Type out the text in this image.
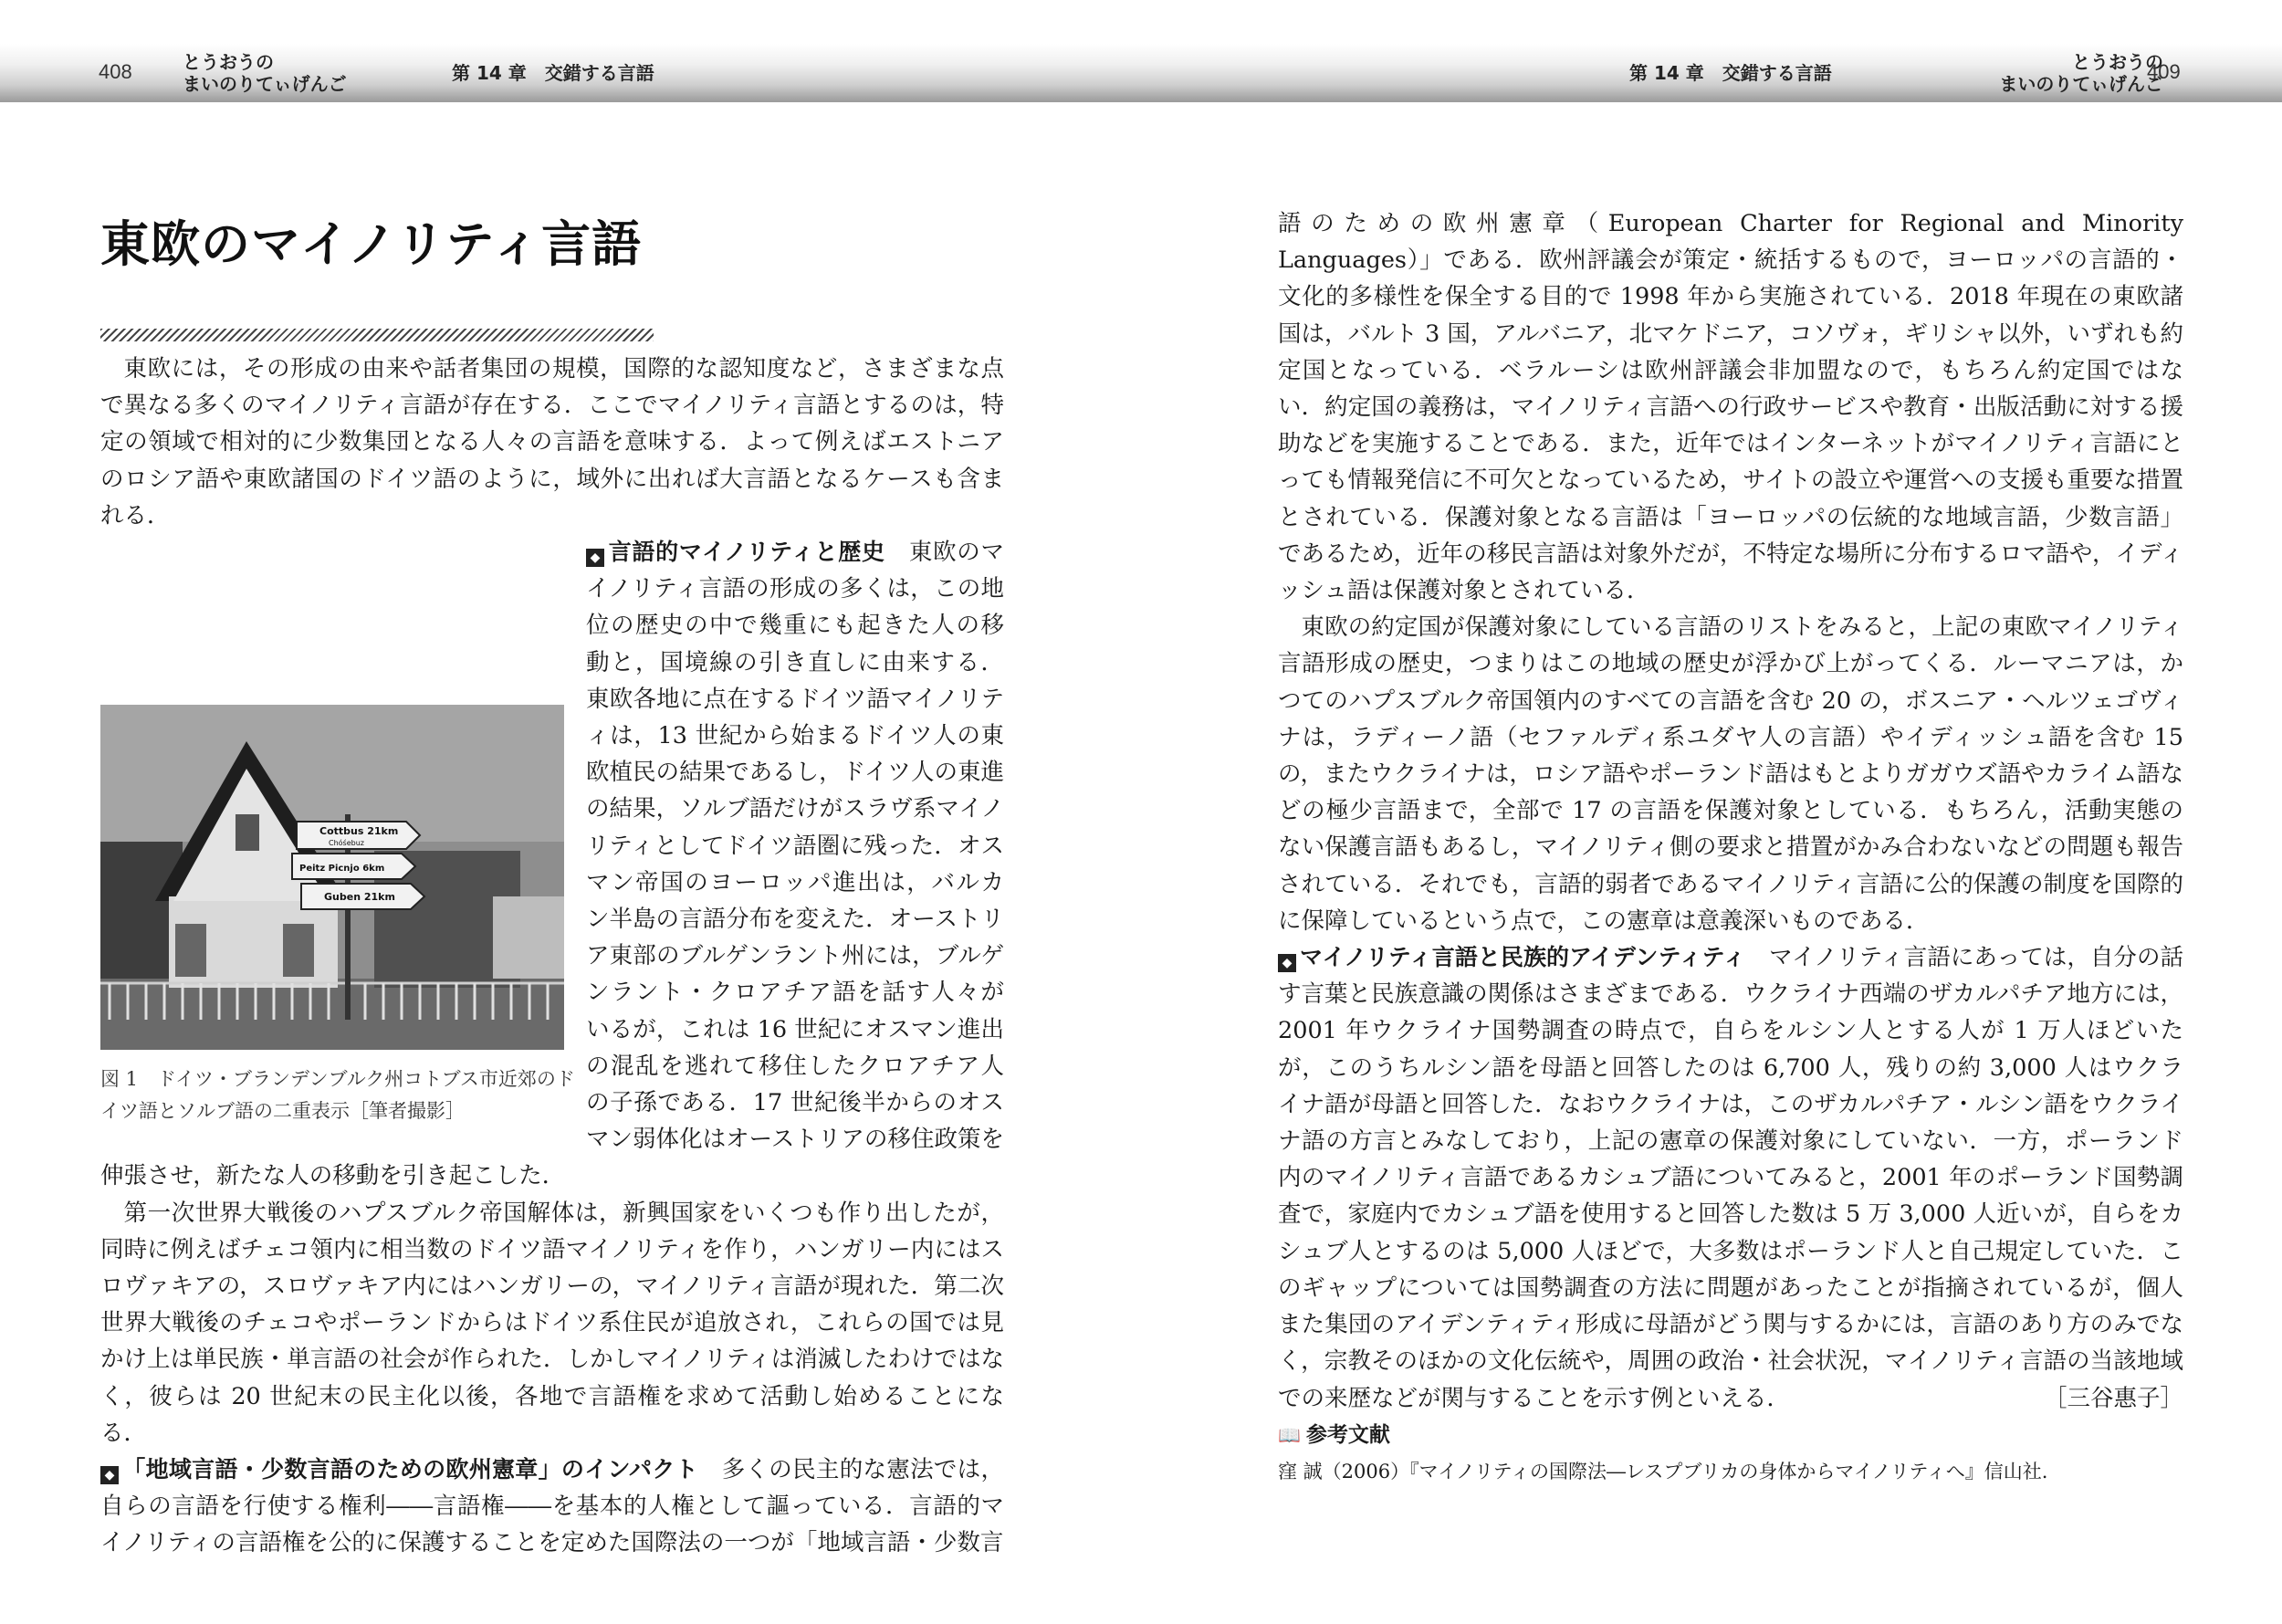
408	とうおうの
まいのりてぃげんご	第 14 章　交錯する言語	第 14 章　交錯する言語	とうおうの
まいのりてぃげんご
409
東欧のマイノリティ言語

東欧には，その形成の由来や話者集団の規模，国際的な認知度など，さまざまな点で異なる多くのマイノリティ言語が存在する．ここでマイノリティ言語とするのは，特定の領域で相対的に少数集団となる人々の言語を意味する．よって例えばエストニアのロシア語や東欧諸国のドイツ語のように，域外に出れば大言語となるケースも含まれる．

Cottbus 21km
Chóśebuz
Peitz Picnjo 6km
Guben 21km
図 1　ドイツ・ブランデンブルク州コトブス市近郊のドイツ語とソルブ語の二重表示［筆者撮影］

◆ 言語的マイノリティと歴史　 東欧のマイノリティ言語の形成の多くは，この地位の歴史の中で幾重にも起きた人の移動と，国境線の引き直しに由来する．東欧各地に点在するドイツ語マイノリティは，13 世紀から始まるドイツ人の東欧植民の結果であるし，ドイツ人の東進の結果，ソルブ語だけがスラヴ系マイノリティとしてドイツ語圏に残った．オスマン帝国のヨーロッパ進出は，バルカン半島の言語分布を変えた．オーストリア東部のブルゲンラント州には，ブルゲンラント・クロアチア語を話す人々がいるが，これは 16 世紀にオスマン進出の混乱を逃れて移住したクロアチア人の子孫である．17 世紀後半からのオスマン弱体化はオーストリアの移住政策を伸張させ，新たな人の移動を引き起こした．

第一次世界大戦後のハプスブルク帝国解体は，新興国家をいくつも作り出したが，同時に例えばチェコ領内に相当数のドイツ語マイノリティを作り，ハンガリー内にはスロヴァキアの，スロヴァキア内にはハンガリーの，マイノリティ言語が現れた．第二次世界大戦後のチェコやポーランドからはドイツ系住民が追放され，これらの国では見かけ上は単民族・単言語の社会が作られた．しかしマイノリティは消滅したわけではなく，彼らは 20 世紀末の民主化以後，各地で言語権を求めて活動し始めることになる．

◆ 「地域言語・少数言語のための欧州憲章」のインパクト　 多くの民主的な憲法では，自らの言語を行使する権利――言語権――を基本的人権として謳っている．言語的マイノリティの言語権を公的に保護することを定めた国際法の一つが「地域言語・少数言

語のための欧州憲章（European Charter for Regional and Minority Languages）」である．欧州評議会が策定・統括するもので，ヨーロッパの言語的・文化的多様性を保全する目的で 1998 年から実施されている．2018 年現在の東欧諸国は，バルト 3 国，アルバニア，北マケドニア，コソヴォ，ギリシャ以外，いずれも約定国となっている．ベラルーシは欧州評議会非加盟なので，もちろん約定国ではない．約定国の義務は，マイノリティ言語への行政サービスや教育・出版活動に対する援助などを実施することである．また，近年ではインターネットがマイノリティ言語にとっても情報発信に不可欠となっているため，サイトの設立や運営への支援も重要な措置とされている．保護対象となる言語は「ヨーロッパの伝統的な地域言語，少数言語」であるため，近年の移民言語は対象外だが，不特定な場所に分布するロマ語や，イディッシュ語は保護対象とされている．

東欧の約定国が保護対象にしている言語のリストをみると，上記の東欧マイノリティ言語形成の歴史，つまりはこの地域の歴史が浮かび上がってくる．ルーマニアは，かつてのハプスブルク帝国領内のすべての言語を含む 20 の，ボスニア・ヘルツェゴヴィナは，ラディーノ語（セファルディ系ユダヤ人の言語）やイディッシュ語を含む 15 の，またウクライナは，ロシア語やポーランド語はもとよりガガウズ語やカライム語などの極少言語まで，全部で 17 の言語を保護対象としている．もちろん，活動実態のない保護言語もあるし，マイノリティ側の要求と措置がかみ合わないなどの問題も報告されている．それでも，言語的弱者であるマイノリティ言語に公的保護の制度を国際的に保障しているという点で，この憲章は意義深いものである．

◆ マイノリティ言語と民族的アイデンティティ　 マイノリティ言語にあっては，自分の話す言葉と民族意識の関係はさまざまである．ウクライナ西端のザカルパチア地方には，2001 年ウクライナ国勢調査の時点で，自らをルシン人とする人が 1 万人ほどいたが，このうちルシン語を母語と回答したのは 6,700 人，残りの約 3,000 人はウクライナ語が母語と回答した．なおウクライナは，このザカルパチア・ルシン語をウクライナ語の方言とみなしており，上記の憲章の保護対象にしていない．一方，ポーランド内のマイノリティ言語であるカシュブ語についてみると，2001 年のポーランド国勢調査で，家庭内でカシュブ語を使用すると回答した数は 5 万 3,000 人近いが，自らをカシュブ人とするのは 5,000 人ほどで，大多数はポーランド人と自己規定していた．このギャップについては国勢調査の方法に問題があったことが指摘されているが，個人また集団のアイデンティティ形成に母語がどう関与するかには，言語のあり方のみでなく，宗教そのほかの文化伝統や，周囲の政治・社会状況，マイノリティ言語の当該地域での来歴などが関与することを示す例といえる．	［三谷惠子］

📖 参考文献
窪 誠（2006）『マイノリティの国際法―レスプブリカの身体からマイノリティへ』信山社.
